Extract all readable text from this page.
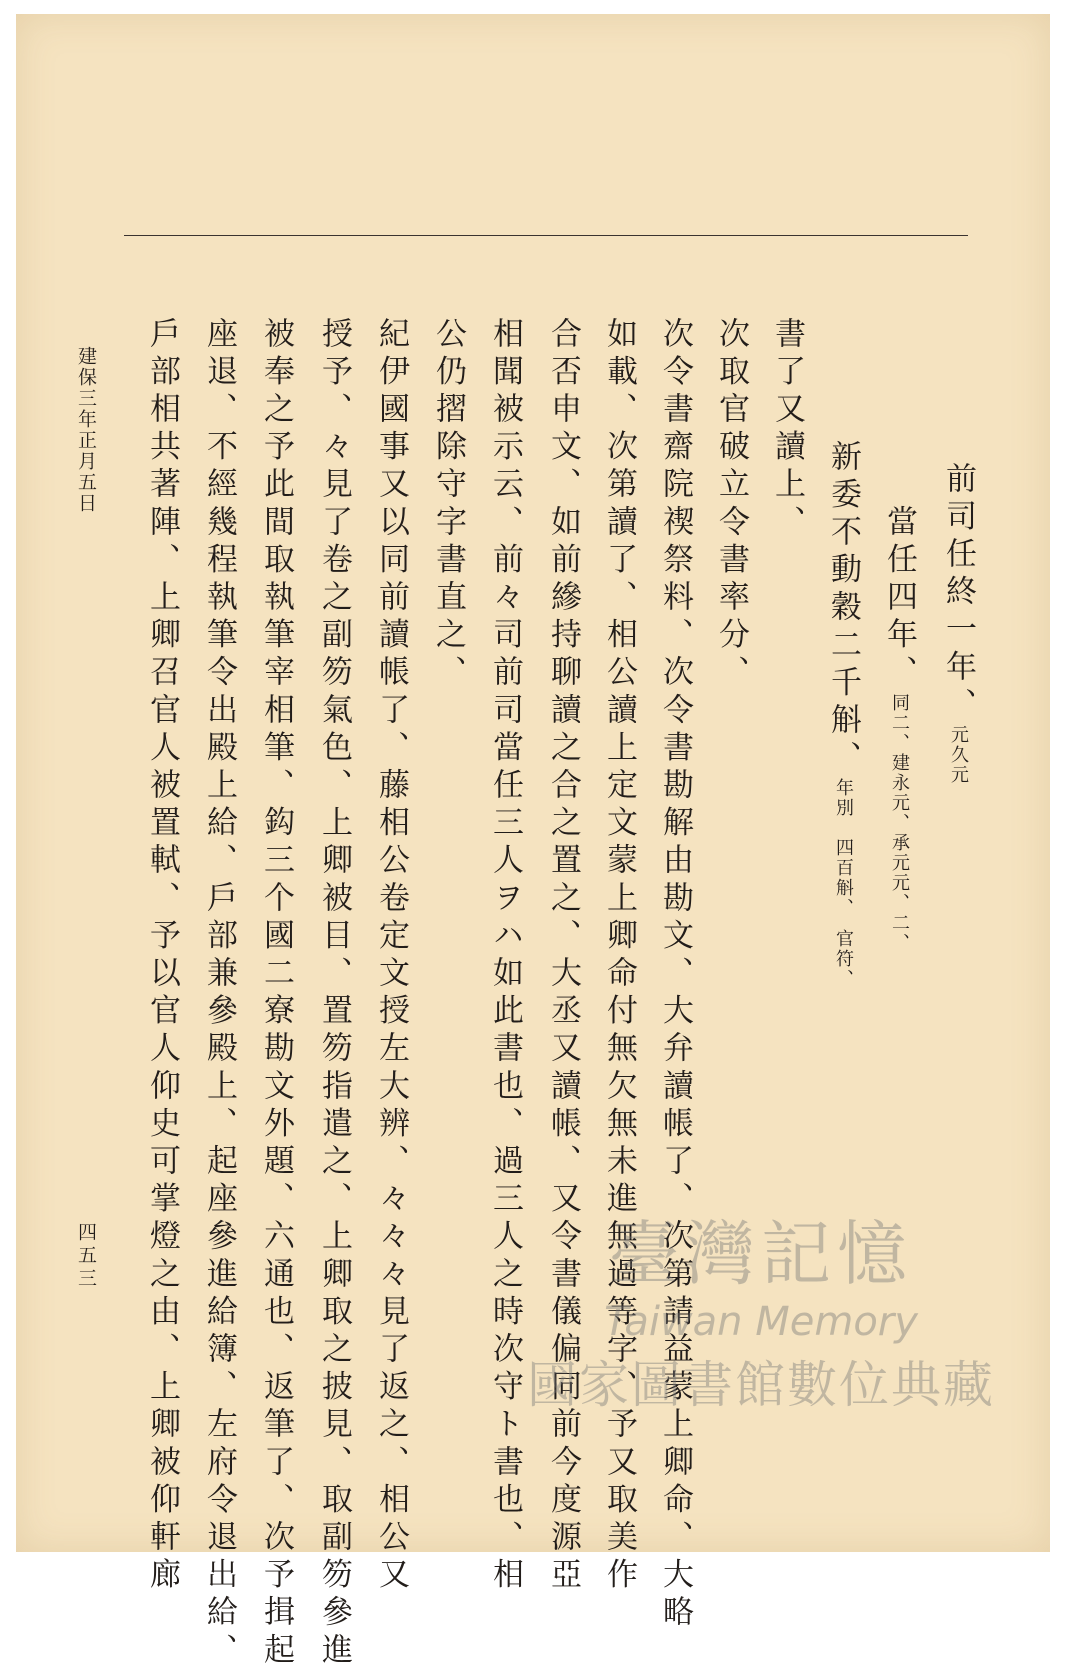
前司任終一年、元久元
當任四年、同二、建永元、承元元、二、
新委不動穀二千斛、年別　四百斛、　官符、
書了又讀上、
次取官破立令書率分、
次令書齋院禊祭料、次令書勘解由勘文、大弁讀帳了、次第請益蒙上卿命、大略
如載、次第讀了、相公讀上定文蒙上卿命付無欠無未進無過等字、予又取美作
合否申文、如前縿持聊讀之合之置之、大丞又讀帳、又令書儀偏同前今度源亞
相聞被示云、前々司前司當任三人ヲハ如此書也、過三人之時次守ト書也、相
公仍摺除守字書直之、
紀伊國事又以同前讀帳了、藤相公卷定文授左大辨、々々々見了返之、相公又
授予、々見了卷之副笏氣色、上卿被目、置笏指遣之、上卿取之披見、取副笏參進
被奉之予此間取執筆宰相筆、鈎三个國二寮勘文外題、六通也、返筆了、次予揖起
座退、不經幾程執筆令出殿上給、戶部兼參殿上、起座參進給簿、左府令退出給、
戶部相共著陣、上卿召官人被置軾、予以官人仰史可掌燈之由、上卿被仰軒廊
建保三年正月五日
四五三	臺灣記憶
Taiwan Memory
國家圖書館數位典藏
